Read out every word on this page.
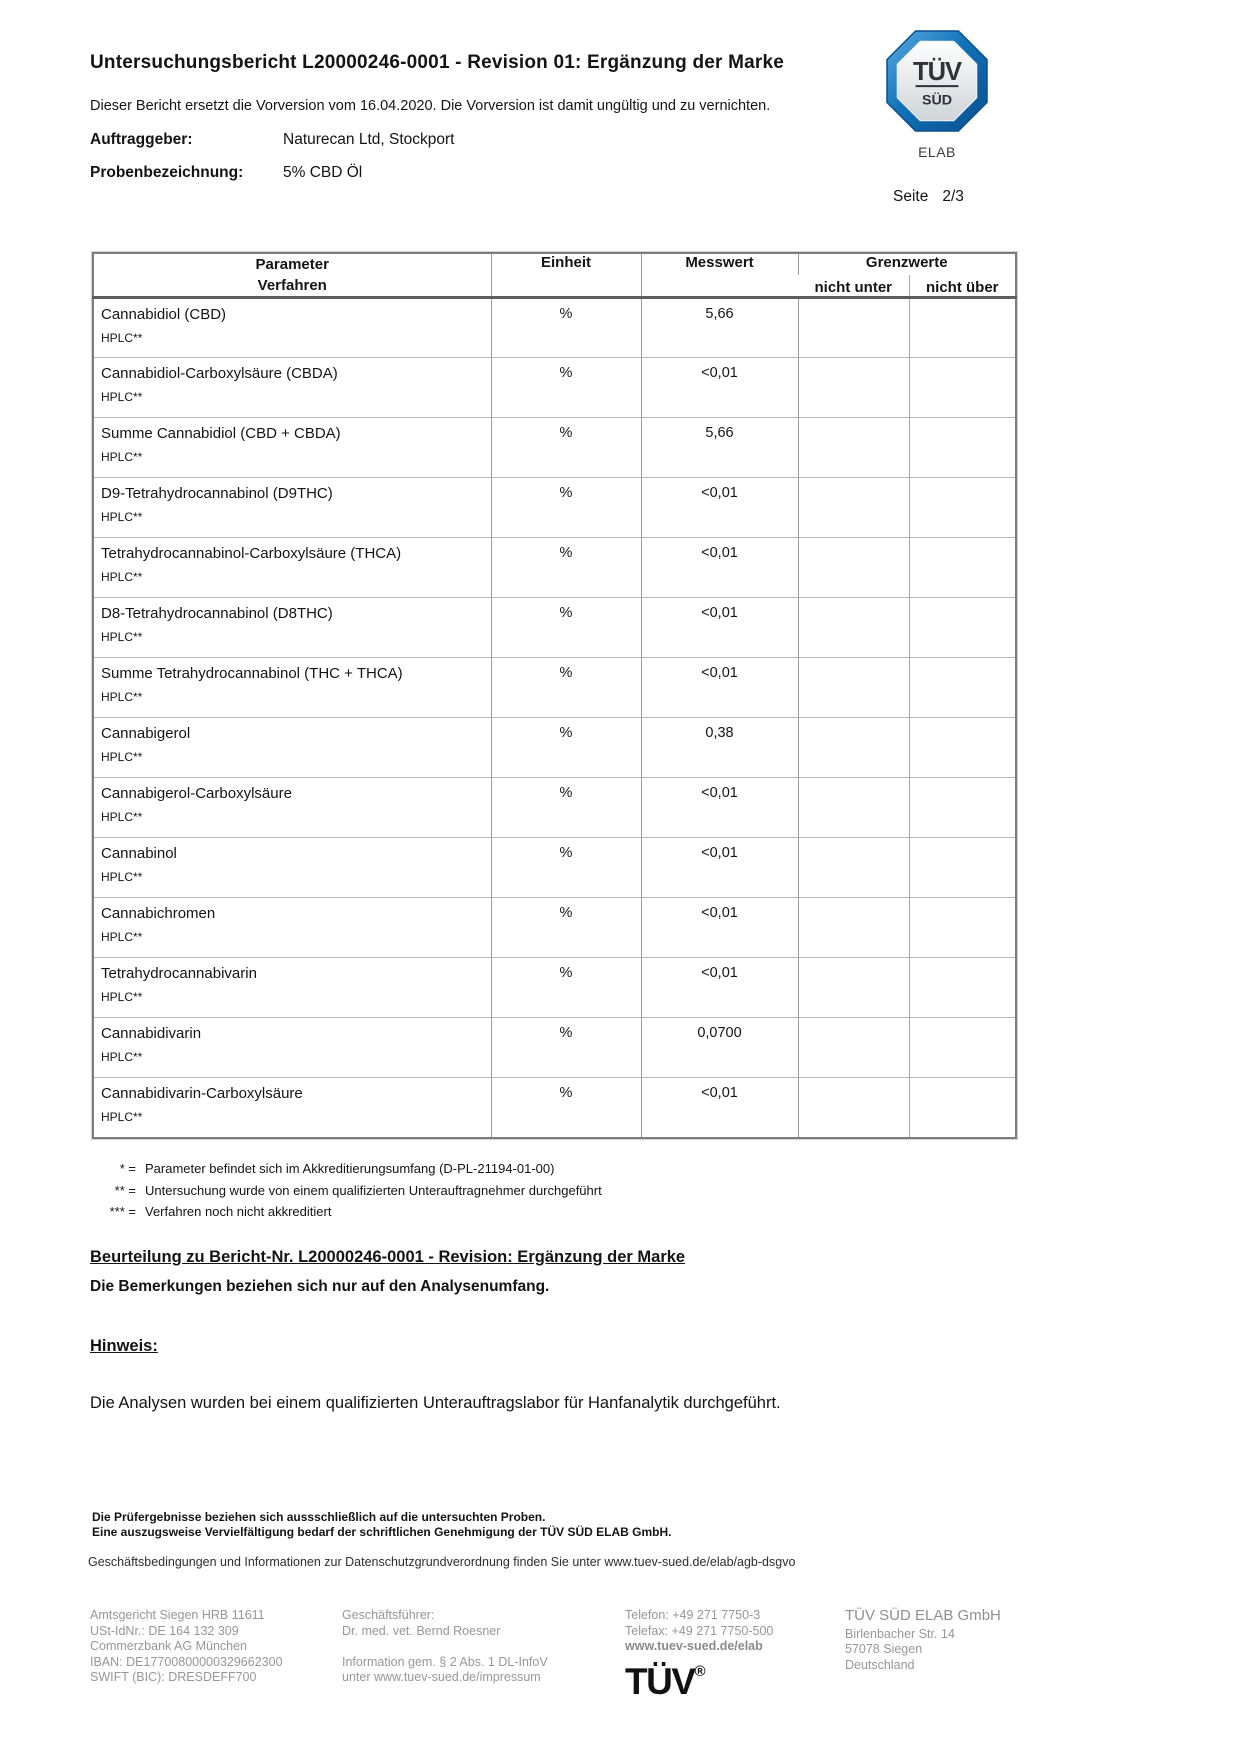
Untersuchungsbericht L20000246-0001 - Revision 01: Ergänzung der Marke
Dieser Bericht ersetzt die Vorversion vom 16.04.2020. Die Vorversion ist damit ungültig und zu vernichten.
Auftraggeber:	Naturecan Ltd, Stockport
Probenbezeichnung:	5% CBD Öl
TÜV
SÜD
ELAB
Seite 2/3
Parameter
Verfahren	Einheit	Messwert	Grenzwerte	
			nicht unter	nicht über

Cannabidiol (CBD)
HPLC**	%	5,66		

Cannabidiol-Carboxylsäure (CBDA)
HPLC**	%	<0,01		

Summe Cannabidiol (CBD + CBDA)
HPLC**	%	5,66		

D9-Tetrahydrocannabinol (D9THC)
HPLC**	%	<0,01		

Tetrahydrocannabinol-Carboxylsäure (THCA)
HPLC**	%	<0,01		

D8-Tetrahydrocannabinol (D8THC)
HPLC**	%	<0,01		

Summe Tetrahydrocannabinol (THC + THCA)
HPLC**	%	<0,01		

Cannabigerol
HPLC**	%	0,38		

Cannabigerol-Carboxylsäure
HPLC**	%	<0,01		

Cannabinol
HPLC**	%	<0,01		

Cannabichromen
HPLC**	%	<0,01		

Tetrahydrocannabivarin
HPLC**	%	<0,01		

Cannabidivarin
HPLC**	%	0,0700		

Cannabidivarin-Carboxylsäure
HPLC**	%	<0,01		
* = Parameter befindet sich im Akkreditierungsumfang (D-PL-21194-01-00)
** = Untersuchung wurde von einem qualifizierten Unterauftragnehmer durchgeführt
*** = Verfahren noch nicht akkreditiert
Beurteilung zu Bericht-Nr. L20000246-0001 - Revision: Ergänzung der Marke
Die Bemerkungen beziehen sich nur auf den Analysenumfang.
Hinweis:
Die Analysen wurden bei einem qualifizierten Unterauftragslabor für Hanfanalytik durchgeführt.
Die Prüfergebnisse beziehen sich aussschließlich auf die untersuchten Proben.
Eine auszugsweise Vervielfältigung bedarf der schriftlichen Genehmigung der TÜV SÜD ELAB GmbH.
Geschäftsbedingungen und Informationen zur Datenschutzgrundverordnung finden Sie unter www.tuev-sued.de/elab/agb-dsgvo
Amtsgericht Siegen HRB 11611
USt-IdNr.: DE 164 132 309
Commerzbank AG München
IBAN: DE17700800000329662300
SWIFT (BIC): DRESDEFF700
Geschäftsführer:
Dr. med. vet. Bernd Roesner
Information gem. § 2 Abs. 1 DL-InfoV
unter www.tuev-sued.de/impressum
Telefon: +49 271 7750-3
Telefax: +49 271 7750-500
www.tuev-sued.de/elab
TÜV®
TÜV SÜD ELAB GmbH
Birlenbacher Str. 14
57078 Siegen
Deutschland
